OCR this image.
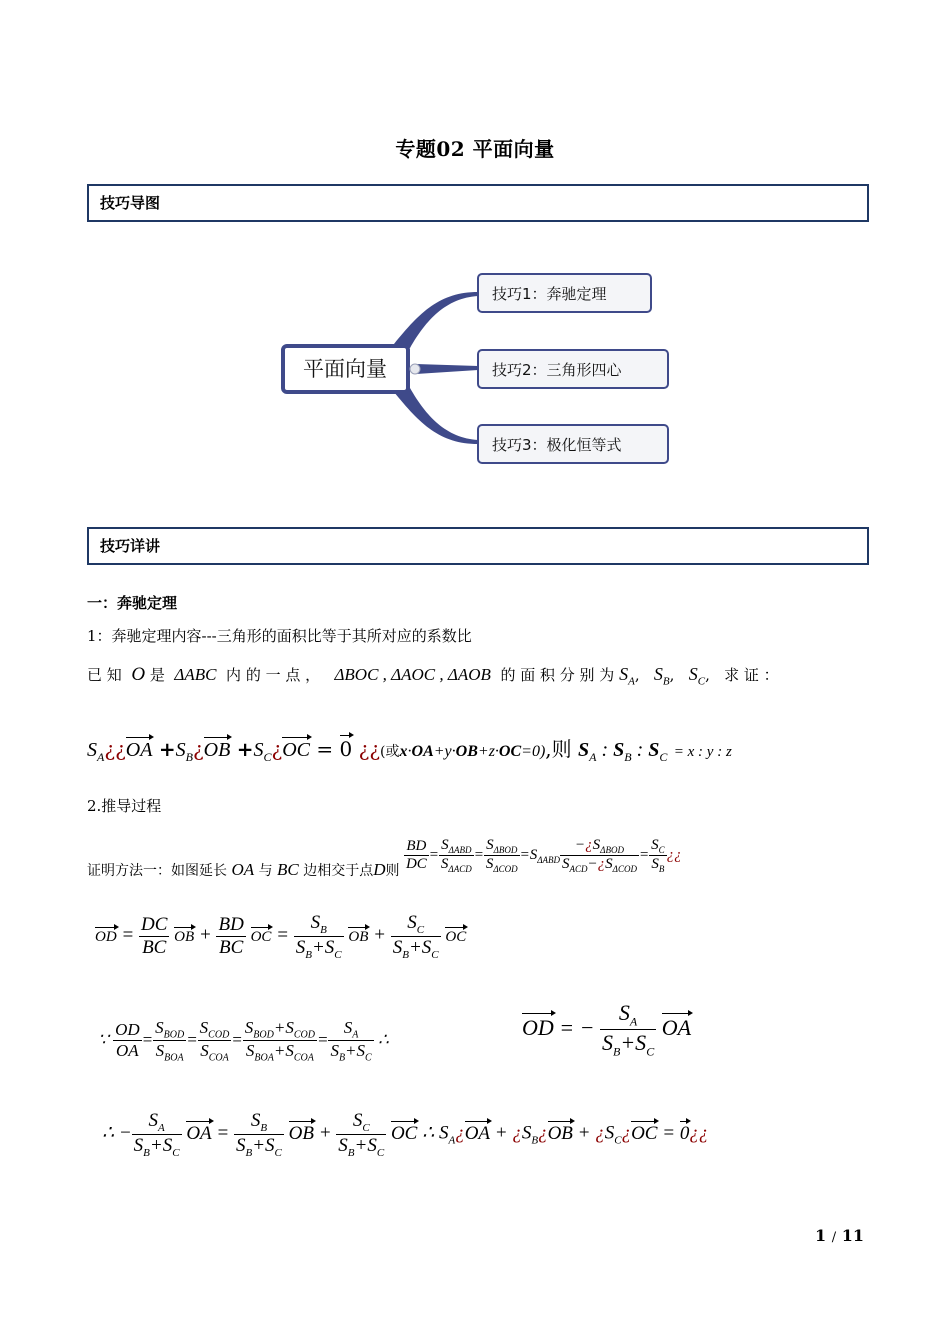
专题02 平面向量
技巧导图
技巧详讲
平面向量
技巧1：奔驰定理
技巧2：三角形四心
技巧3：极化恒等式
一：奔驰定理
1：奔驰定理内容---三角形的面积比等于其所对应的系数比
已 知 O 是 ΔABC 内 的 一 点 ， ΔBOC , ΔAOC , ΔAOB 的 面 积 分 别 为 $S_A$,   $S_B$,   $S_C$,   求 证 ：
$S_A¿¿OA$ $+S_B¿OB$ $+S_C¿OC = 0$ ¿¿(或x·OA+y·OB+z·OC=0),则 $S_A$ : $S_B$ : $S_C = x$ : y : z
2.推导过程
证明方法一：如图延长 OA 与 BC 边相交于点D则 $\frac{BD}{DC} = \frac{S_{\Delta ABD}}{S_{\Delta ACD}} = \frac{S_{\Delta BOD}}{S_{\Delta COD}} =S_{\Delta ABD} \frac{-¿S_{\Delta BOD}}{S_{ACD}-¿S_{\Delta COD}} = \frac{S_C}{S_B}$ ¿¿
OD = $\frac{DC}{BC}$ OB + $\frac{BD}{BC}$ OC = $\frac{S_B}{S_B+S_C}$ OB + $\frac{S_C}{S_B+S_C}$ OC
∵ $\frac{OD}{OA} = \frac{S_{BOD}}{S_{BOA}} = \frac{S_{COD}}{S_{COA}} = \frac{S_{BOD}+S_{COD}}{S_{BOA}+S_{COA}} = \frac{S_A}{S_B+S_C}$ ∴	OD = − $\frac{S_A}{S_B+S_C}$ OA
∴ − $\frac{S_A}{S_B+S_C}$ OA = $\frac{S_B}{S_B+S_C}$ OB + $\frac{S_C}{S_B+S_C}$ OC ∴ $S_A¿OA$ + ¿$S_B¿OB$ + ¿$S_C¿OC$ = 0¿¿
1 / 11
